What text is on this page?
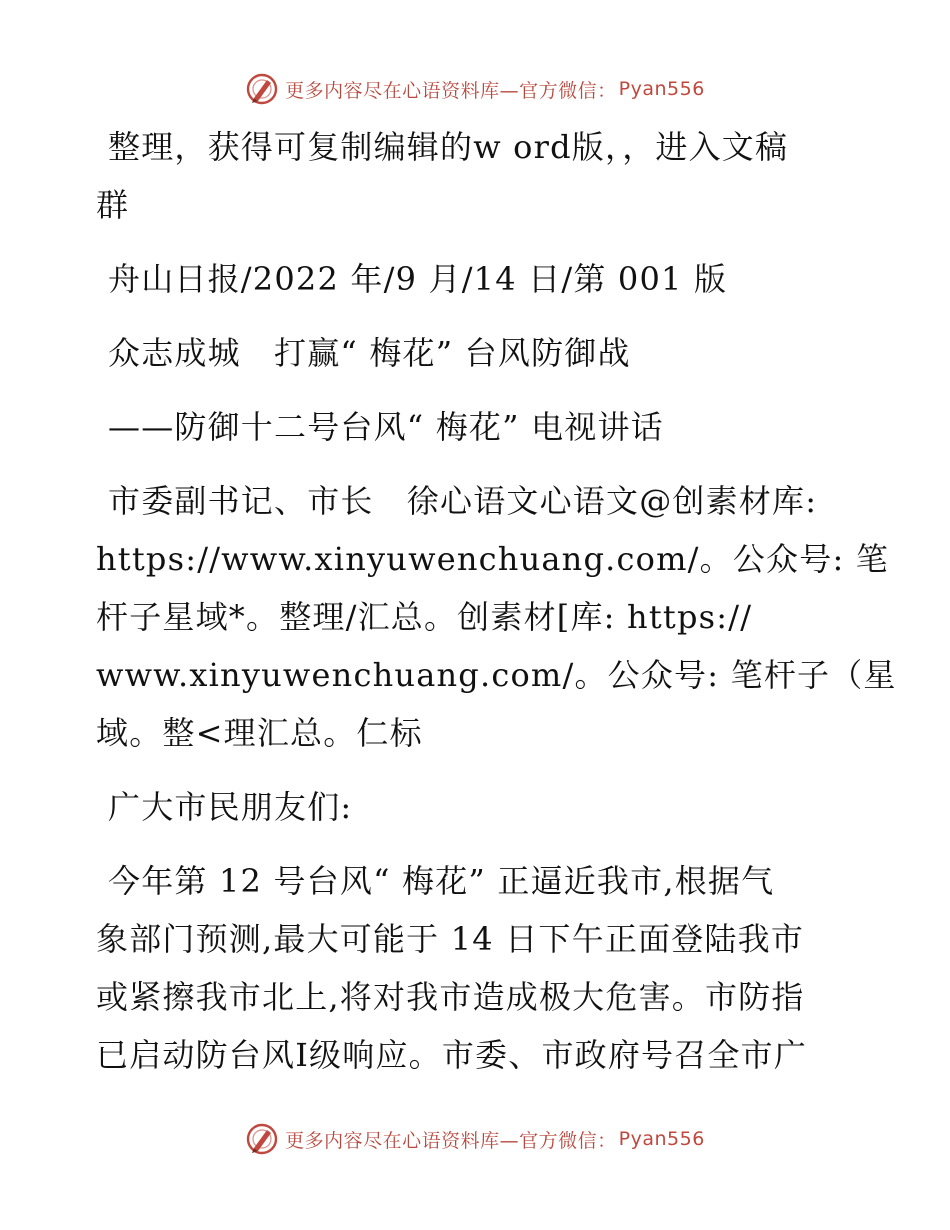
更多内容尽在心语资料库—官方微信： Pyan556

整理，获得可复制编辑的w ord版，，进入文稿

群

舟山日报/2022 年/9 月/14 日/第 001 版

众志成城　打赢“ 梅花” 台风防御战

——防御十二号台风“ 梅花” 电视讲话

市委副书记、市长　徐心语文心语文@创素材库:

https://www.xinyuwenchuang.com/。公众号: 笔

杆子星域*。整理/汇总。创素材[库: https://

www.xinyuwenchuang.com/。公众号: 笔杆子（星

域。整<理汇总。仁标

广大市民朋友们:

今年第 12 号台风“ 梅花” 正逼近我市,根据气

象部门预测,最大可能于 14 日下午正面登陆我市

或紧擦我市北上,将对我市造成极大危害。市防指

已启动防台风Ⅰ级响应。市委、市政府号召全市广

更多内容尽在心语资料库—官方微信： Pyan556
